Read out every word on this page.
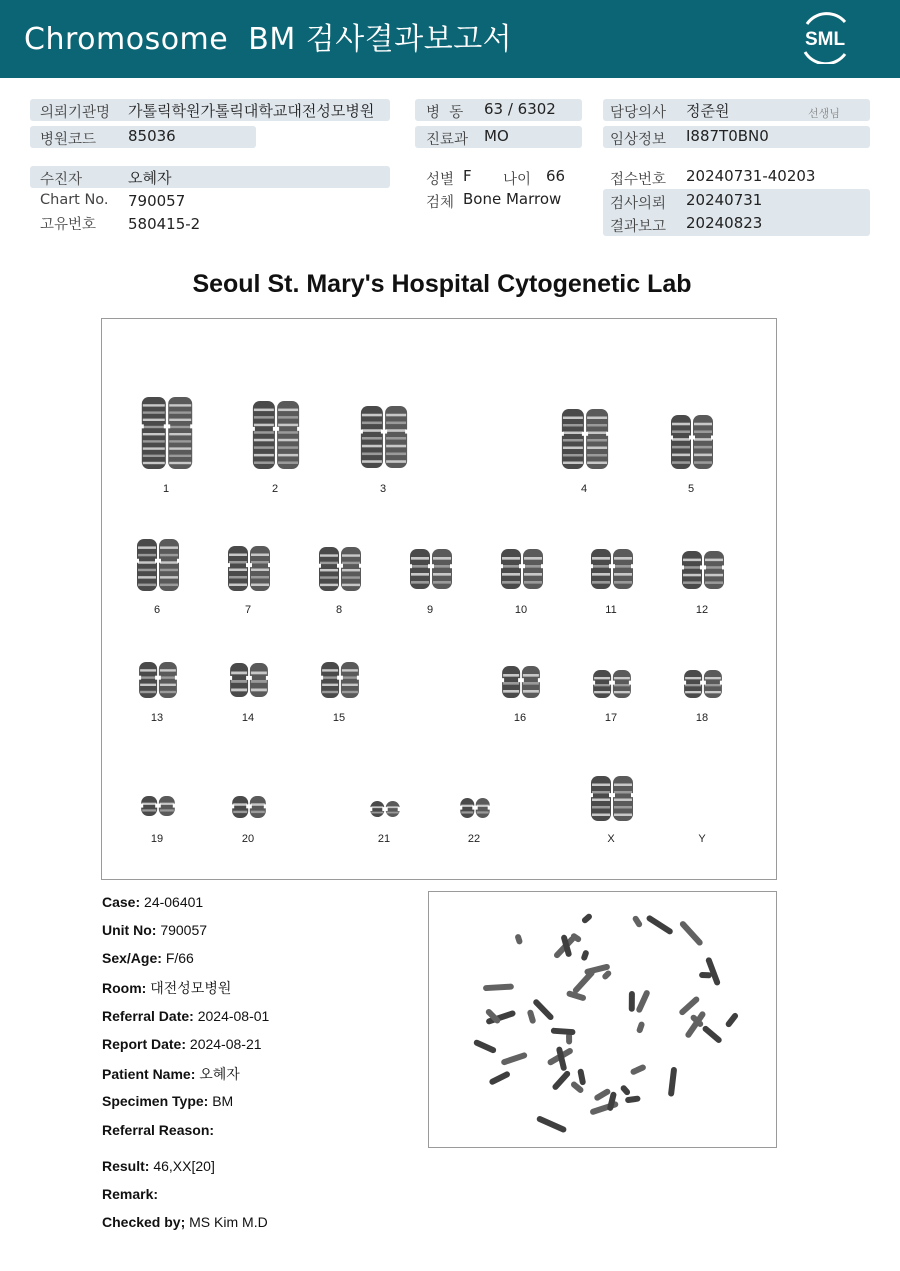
Chromosome  BM 검사결과보고서	SML
의뢰기관명 가톨릭학원가톨릭대학교대전성모병원
병원코드 85036
병  동 63 / 6302
진료과 MO
담당의사 정준원	선생님
임상정보 I887T0BN0
수진자	오혜자
Chart No. 790057
고유번호 580415-2
성별 F 나이 66
검체 Bone Marrow
접수번호 20240731-40203
검사의뢰 20240731
결과보고 20240823
Seoul St. Mary's Hospital Cytogenetic Lab
1	2	3	4	5
6	7	8	9	10	11	12
13	14	15	16	17	18
19	20	21	22	X	Y
Case: 24-06401
Unit No: 790057
Sex/Age: F/66
Room: 대전성모병원
Referral Date: 2024-08-01
Report Date: 2024-08-21
Patient Name: 오혜자
Specimen Type: BM
Referral Reason:
Result: 46,XX[20]
Remark:
Checked by; MS Kim M.D
